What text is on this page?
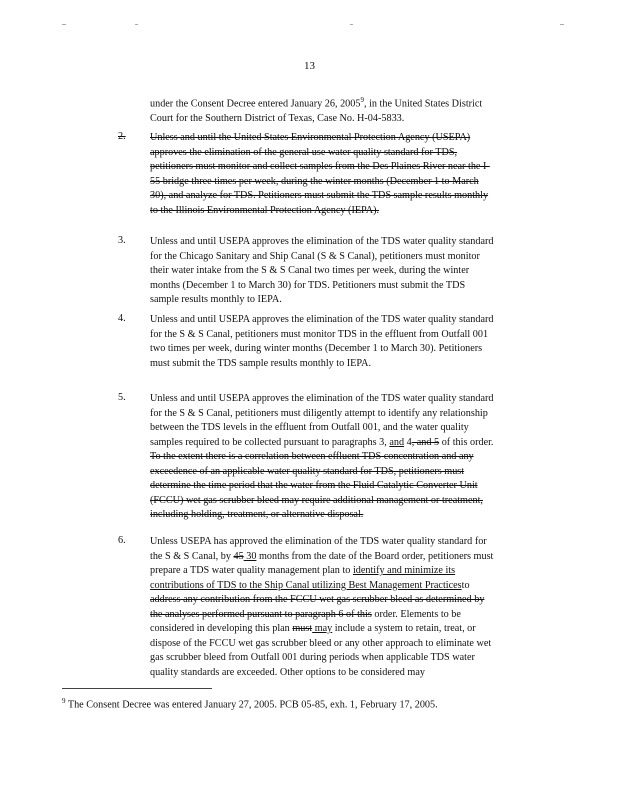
13
under the Consent Decree entered January 26, 2005$^9$, in the United States District Court for the Southern District of Texas, Case No. H-04-5833.
2. Unless and until the United States Environmental Protection Agency (USEPA) approves the elimination of the general use water quality standard for TDS, petitioners must monitor and collect samples from the Des Plaines River near the I-55 bridge three times per week, during the winter months (December 1 to March 30), and analyze for TDS. Petitioners must submit the TDS sample results monthly to the Illinois Environmental Protection Agency (IEPA).
3. Unless and until USEPA approves the elimination of the TDS water quality standard for the Chicago Sanitary and Ship Canal (S & S Canal), petitioners must monitor their water intake from the S & S Canal two times per week, during the winter months (December 1 to March 30) for TDS. Petitioners must submit the TDS sample results monthly to IEPA.
4. Unless and until USEPA approves the elimination of the TDS water quality standard for the S & S Canal, petitioners must monitor TDS in the effluent from Outfall 001 two times per week, during winter months (December 1 to March 30). Petitioners must submit the TDS sample results monthly to IEPA.
5. Unless and until USEPA approves the elimination of the TDS water quality standard for the S & S Canal, petitioners must diligently attempt to identify any relationship between the TDS levels in the effluent from Outfall 001, and the water quality samples required to be collected pursuant to paragraphs 3, and 4, and 5 of this order. To the extent there is a correlation between effluent TDS concentration and any exceedence of an applicable water quality standard for TDS, petitioners must determine the time period that the water from the Fluid Catalytic Converter Unit (FCCU) wet gas scrubber bleed may require additional management or treatment, including holding, treatment, or alternative disposal.
6. Unless USEPA has approved the elimination of the TDS water quality standard for the S & S Canal, by 45 30 months from the date of the Board order, petitioners must prepare a TDS water quality management plan to identify and minimize its contributions of TDS to the Ship Canal utilizing Best Management Practicesto address any contribution from the FCCU wet gas scrubber bleed as determined by the analyses performed pursuant to paragraph 6 of this order. Elements to be considered in developing this plan must may include a system to retain, treat, or dispose of the FCCU wet gas scrubber bleed or any other approach to eliminate wet gas scrubber bleed from Outfall 001 during periods when applicable TDS water quality standards are exceeded. Other options to be considered may
$^9$ The Consent Decree was entered January 27, 2005. PCB 05-85, exh. 1, February 17, 2005.
